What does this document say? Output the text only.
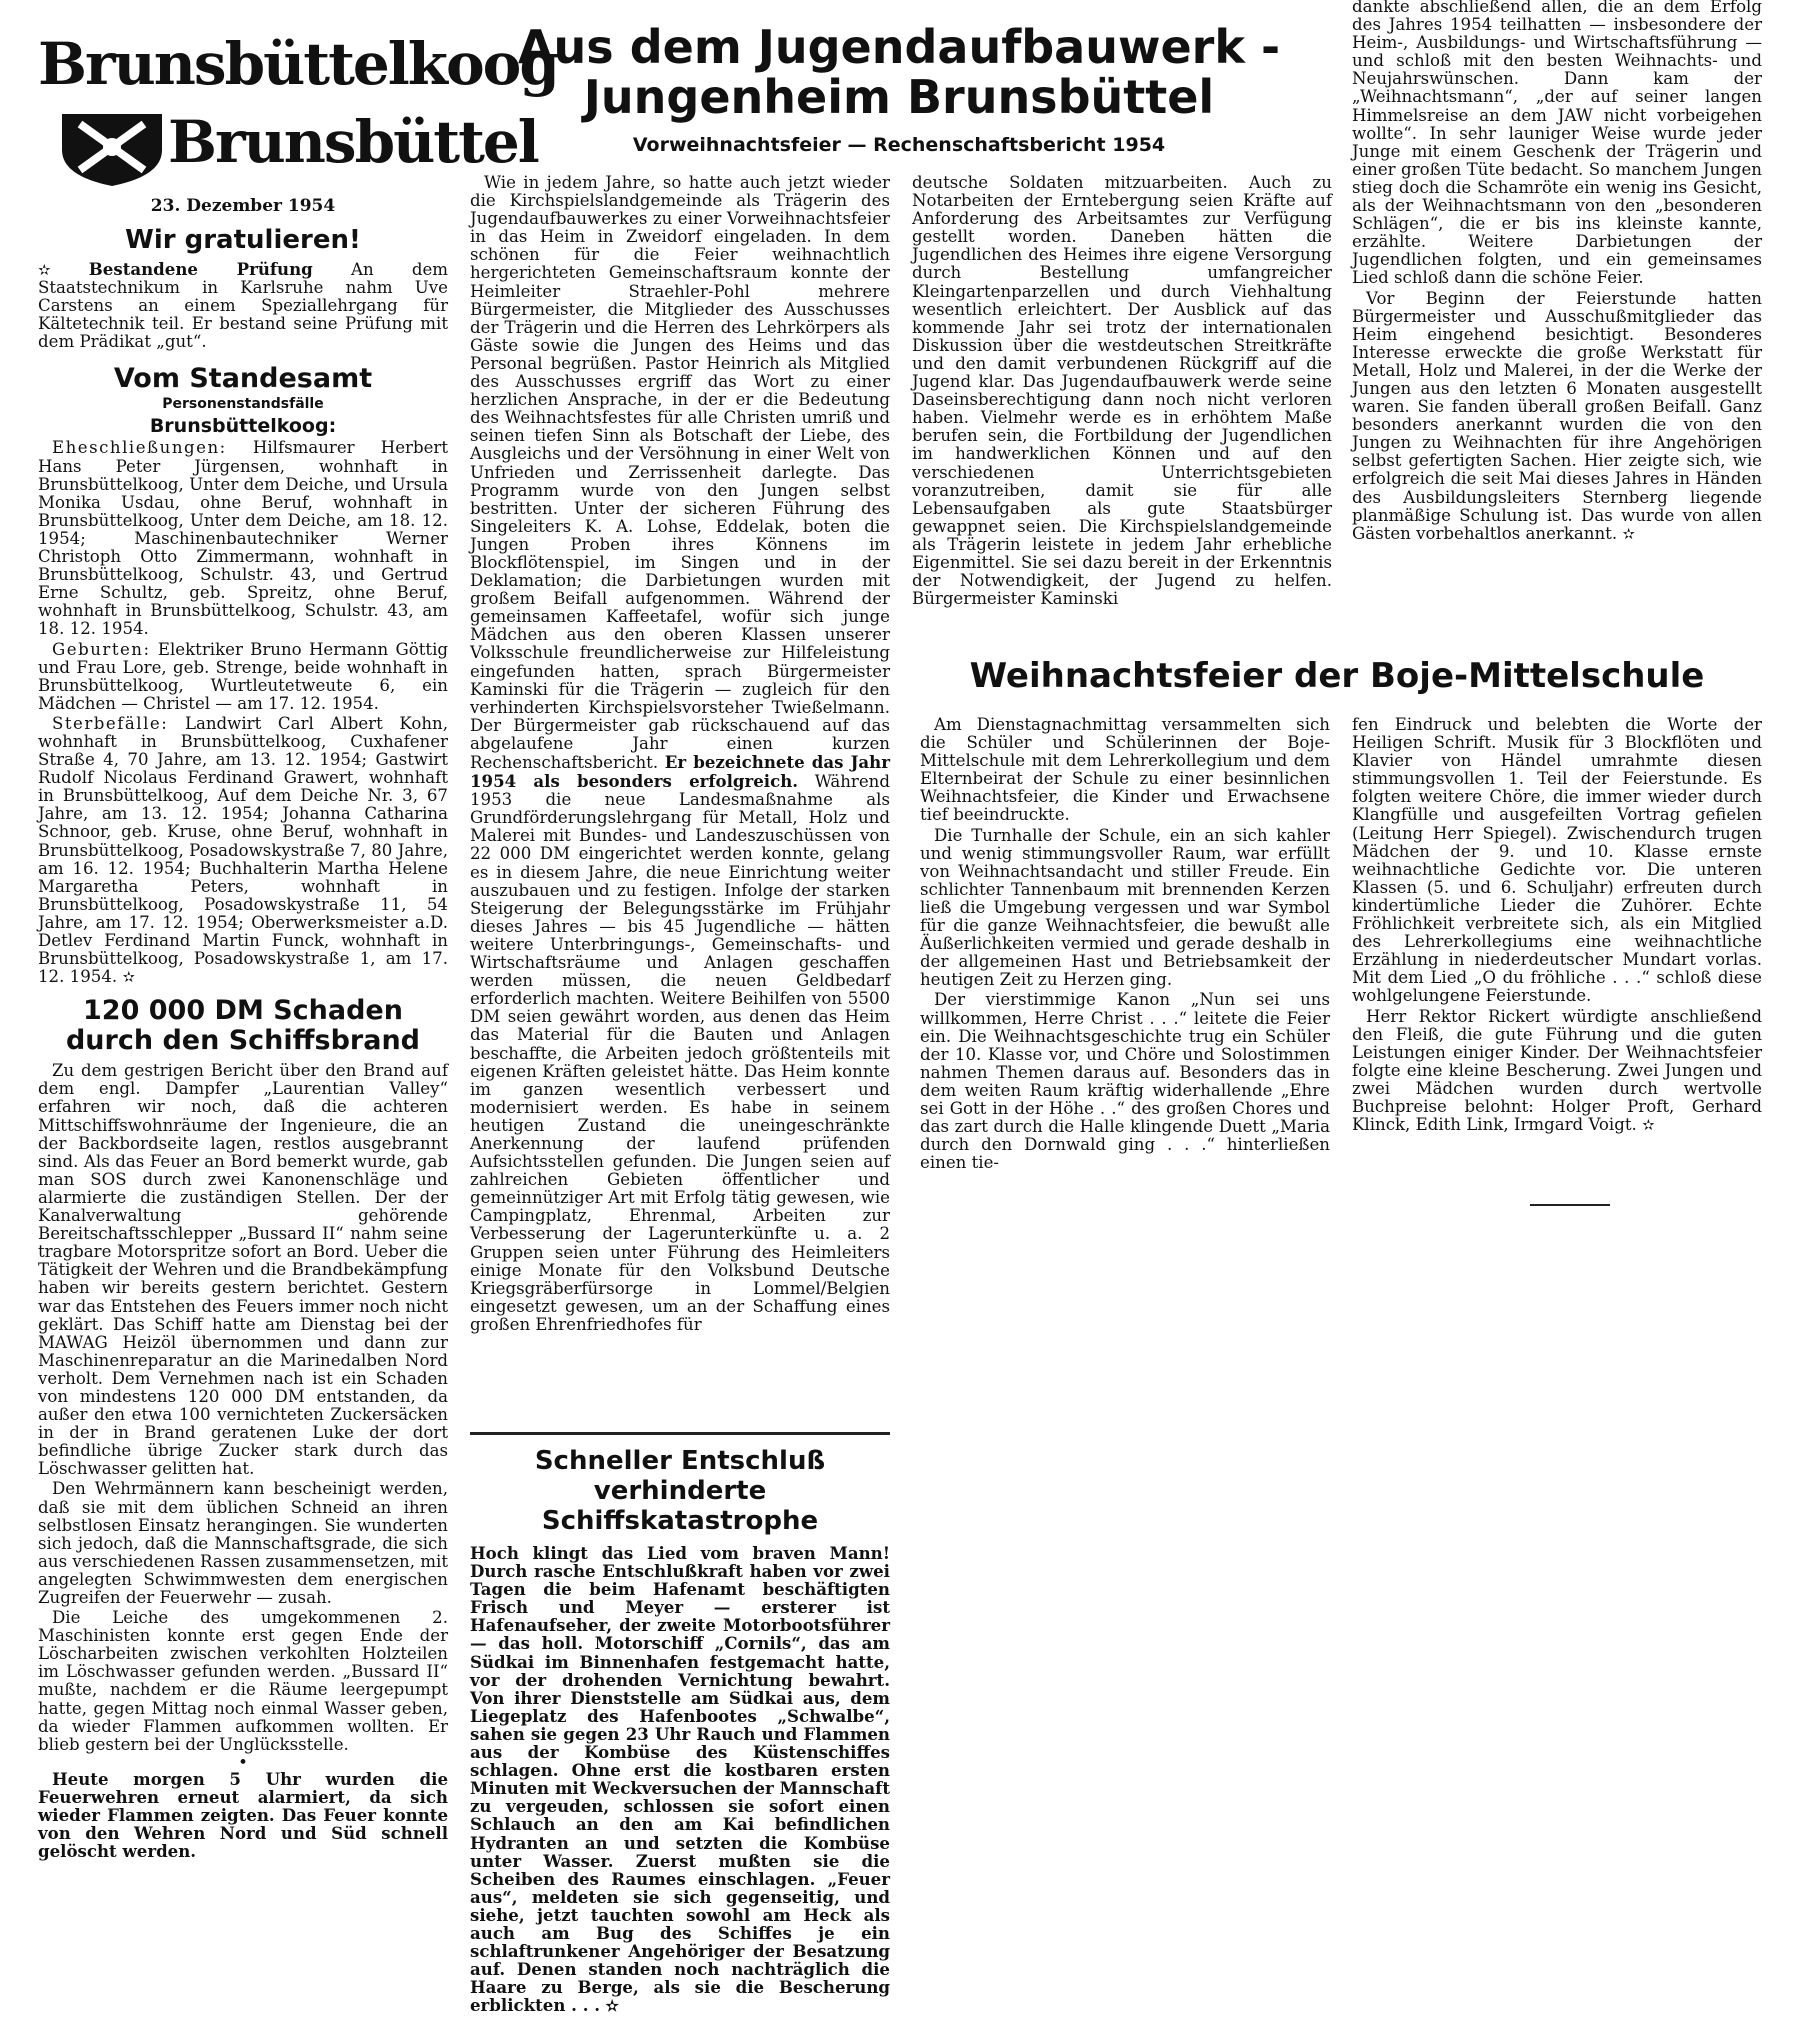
Brunsbüttelkoog
Brunsbüttel
23. Dezember 1954
Wir gratulieren!

✫ Bestandene Prüfung An dem Staatstechnikum in Karlsruhe nahm Uve Carstens an einem Speziallehrgang für Kältetechnik teil. Er bestand seine Prüfung mit dem Prädikat „gut“.

Vom Standesamt
Personenstandsfälle
Brunsbüttelkoog:

Eheschließungen: Hilfsmaurer Herbert Hans Peter Jürgensen, wohnhaft in Brunsbüttelkoog, Unter dem Deiche, und Ursula Monika Usdau, ohne Beruf, wohnhaft in Brunsbüttelkoog, Unter dem Deiche, am 18. 12. 1954; Maschinenbautechniker Werner Christoph Otto Zimmermann, wohnhaft in Brunsbüttelkoog, Schulstr. 43, und Gertrud Erne Schultz, geb. Spreitz, ohne Beruf, wohnhaft in Brunsbüttelkoog, Schulstr. 43, am 18. 12. 1954.

Geburten: Elektriker Bruno Hermann Göttig und Frau Lore, geb. Strenge, beide wohnhaft in Brunsbüttelkoog, Wurtleutetweute 6, ein Mädchen — Christel — am 17. 12. 1954.

Sterbefälle: Landwirt Carl Albert Kohn, wohnhaft in Brunsbüttelkoog, Cuxhafener Straße 4, 70 Jahre, am 13. 12. 1954; Gastwirt Rudolf Nicolaus Ferdinand Grawert, wohnhaft in Brunsbüttelkoog, Auf dem Deiche Nr. 3, 67 Jahre, am 13. 12. 1954; Johanna Catharina Schnoor, geb. Kruse, ohne Beruf, wohnhaft in Brunsbüttelkoog, Posadowskystraße 7, 80 Jahre, am 16. 12. 1954; Buchhalterin Martha Helene Margaretha Peters, wohnhaft in Brunsbüttelkoog, Posadowskystraße 11, 54 Jahre, am 17. 12. 1954; Oberwerksmeister a.D. Detlev Ferdinand Martin Funck, wohnhaft in Brunsbüttelkoog, Posadowskystraße 1, am 17. 12. 1954. ✫

120 000 DM Schaden durch den Schiffsbrand

Zu dem gestrigen Bericht über den Brand auf dem engl. Dampfer „Laurentian Valley“ erfahren wir noch, daß die achteren Mittschiffswohnräume der Ingenieure, die an der Backbordseite lagen, restlos ausgebrannt sind. Als das Feuer an Bord bemerkt wurde, gab man SOS durch zwei Kanonenschläge und alarmierte die zuständigen Stellen. Der der Kanalverwaltung gehörende Bereitschaftsschlepper „Bussard II“ nahm seine tragbare Motorspritze sofort an Bord. Ueber die Tätigkeit der Wehren und die Brandbekämpfung haben wir bereits gestern berichtet. Gestern war das Entstehen des Feuers immer noch nicht geklärt. Das Schiff hatte am Dienstag bei der MAWAG Heizöl übernommen und dann zur Maschinenreparatur an die Marinedalben Nord verholt. Dem Vernehmen nach ist ein Schaden von mindestens 120 000 DM entstanden, da außer den etwa 100 vernichteten Zuckersäcken in der in Brand geratenen Luke der dort befindliche übrige Zucker stark durch das Löschwasser gelitten hat.

Den Wehrmännern kann bescheinigt werden, daß sie mit dem üblichen Schneid an ihren selbstlosen Einsatz herangingen. Sie wunderten sich jedoch, daß die Mannschaftsgrade, die sich aus verschiedenen Rassen zusammensetzen, mit angelegten Schwimmwesten dem energischen Zugreifen der Feuerwehr — zusah.

Die Leiche des umgekommenen 2. Maschinisten konnte erst gegen Ende der Löscharbeiten zwischen verkohlten Holzteilen im Löschwasser gefunden werden. „Bussard II“ mußte, nachdem er die Räume leergepumpt hatte, gegen Mittag noch einmal Wasser geben, da wieder Flammen aufkommen wollten. Er blieb gestern bei der Unglücksstelle.

•

Heute morgen 5 Uhr wurden die Feuerwehren erneut alarmiert, da sich wieder Flammen zeigten. Das Feuer konnte von den Wehren Nord und Süd schnell gelöscht werden.

Aus dem Jugendaufbauwerk - Jungenheim Brunsbüttel
Vorweihnachtsfeier — Rechenschaftsbericht 1954

Wie in jedem Jahre, so hatte auch jetzt wieder die Kirchspielslandgemeinde als Trägerin des Jugendaufbauwerkes zu einer Vorweihnachtsfeier in das Heim in Zweidorf eingeladen. In dem schönen für die Feier weihnachtlich hergerichteten Gemeinschaftsraum konnte der Heimleiter Straehler-Pohl mehrere Bürgermeister, die Mitglieder des Ausschusses der Trägerin und die Herren des Lehrkörpers als Gäste sowie die Jungen des Heims und das Personal begrüßen. Pastor Heinrich als Mitglied des Ausschusses ergriff das Wort zu einer herzlichen Ansprache, in der er die Bedeutung des Weihnachtsfestes für alle Christen umriß und seinen tiefen Sinn als Botschaft der Liebe, des Ausgleichs und der Versöhnung in einer Welt von Unfrieden und Zerrissenheit darlegte. Das Programm wurde von den Jungen selbst bestritten. Unter der sicheren Führung des Singeleiters K. A. Lohse, Eddelak, boten die Jungen Proben ihres Könnens im Blockflötenspiel, im Singen und in der Deklamation; die Darbietungen wurden mit großem Beifall aufgenommen. Während der gemeinsamen Kaffeetafel, wofür sich junge Mädchen aus den oberen Klassen unserer Volksschule freundlicherweise zur Hilfeleistung eingefunden hatten, sprach Bürgermeister Kaminski für die Trägerin — zugleich für den verhinderten Kirchspielsvorsteher Twießelmann. Der Bürgermeister gab rückschauend auf das abgelaufene Jahr einen kurzen Rechenschaftsbericht. Er bezeichnete das Jahr 1954 als besonders erfolgreich. Während 1953 die neue Landesmaßnahme als Grundförderungslehrgang für Metall, Holz und Malerei mit Bundes- und Landeszuschüssen von 22 000 DM eingerichtet werden konnte, gelang es in diesem Jahre, die neue Einrichtung weiter auszubauen und zu festigen. Infolge der starken Steigerung der Belegungsstärke im Frühjahr dieses Jahres — bis 45 Jugendliche — hätten weitere Unterbringungs-, Gemeinschafts- und Wirtschaftsräume und Anlagen geschaffen werden müssen, die neuen Geldbedarf erforderlich machten. Weitere Beihilfen von 5500 DM seien gewährt worden, aus denen das Heim das Material für die Bauten und Anlagen beschaffte, die Arbeiten jedoch größtenteils mit eigenen Kräften geleistet hätte. Das Heim konnte im ganzen wesentlich verbessert und modernisiert werden. Es habe in seinem heutigen Zustand die uneingeschränkte Anerkennung der laufend prüfenden Aufsichtsstellen gefunden. Die Jungen seien auf zahlreichen Gebieten öffentlicher und gemeinnütziger Art mit Erfolg tätig gewesen, wie Campingplatz, Ehrenmal, Arbeiten zur Verbesserung der Lagerunterkünfte u. a. 2 Gruppen seien unter Führung des Heimleiters einige Monate für den Volksbund Deutsche Kriegsgräberfürsorge in Lommel/Belgien eingesetzt gewesen, um an der Schaffung eines großen Ehrenfriedhofes für

Schneller Entschluß verhinderte Schiffskatastrophe

Hoch klingt das Lied vom braven Mann! Durch rasche Entschlußkraft haben vor zwei Tagen die beim Hafenamt beschäftigten Frisch und Meyer — ersterer ist Hafenaufseher, der zweite Motorbootsführer — das holl. Motorschiff „Cornils“, das am Südkai im Binnenhafen festgemacht hatte, vor der drohenden Vernichtung bewahrt. Von ihrer Dienststelle am Südkai aus, dem Liegeplatz des Hafenbootes „Schwalbe“, sahen sie gegen 23 Uhr Rauch und Flammen aus der Kombüse des Küstenschiffes schlagen. Ohne erst die kostbaren ersten Minuten mit Weckversuchen der Mannschaft zu vergeuden, schlossen sie sofort einen Schlauch an den am Kai befindlichen Hydranten an und setzten die Kombüse unter Wasser. Zuerst mußten sie die Scheiben des Raumes einschlagen. „Feuer aus“, meldeten sie sich gegenseitig, und siehe, jetzt tauchten sowohl am Heck als auch am Bug des Schiffes je ein schlaftrunkener Angehöriger der Besatzung auf. Denen standen noch nachträglich die Haare zu Berge, als sie die Bescherung erblickten . . . ✫

deutsche Soldaten mitzuarbeiten. Auch zu Notarbeiten der Erntebergung seien Kräfte auf Anforderung des Arbeitsamtes zur Verfügung gestellt worden. Daneben hätten die Jugendlichen des Heimes ihre eigene Versorgung durch Bestellung umfangreicher Kleingartenparzellen und durch Viehhaltung wesentlich erleichtert. Der Ausblick auf das kommende Jahr sei trotz der internationalen Diskussion über die westdeutschen Streitkräfte und den damit verbundenen Rückgriff auf die Jugend klar. Das Jugendaufbauwerk werde seine Daseinsberechtigung dann noch nicht verloren haben. Vielmehr werde es in erhöhtem Maße berufen sein, die Fortbildung der Jugendlichen im handwerklichen Können und auf den verschiedenen Unterrichtsgebieten voranzutreiben, damit sie für alle Lebensaufgaben als gute Staatsbürger gewappnet seien. Die Kirchspielslandgemeinde als Trägerin leistete in jedem Jahr erhebliche Eigenmittel. Sie sei dazu bereit in der Erkenntnis der Notwendigkeit, der Jugend zu helfen. Bürgermeister Kaminski

dankte abschließend allen, die an dem Erfolg des Jahres 1954 teilhatten — insbesondere der Heim-, Ausbildungs- und Wirtschaftsführung — und schloß mit den besten Weihnachts- und Neujahrswünschen. Dann kam der „Weihnachtsmann“, „der auf seiner langen Himmelsreise an dem JAW nicht vorbeigehen wollte“. In sehr launiger Weise wurde jeder Junge mit einem Geschenk der Trägerin und einer großen Tüte bedacht. So manchem Jungen stieg doch die Schamröte ein wenig ins Gesicht, als der Weihnachtsmann von den „besonderen Schlägen“, die er bis ins kleinste kannte, erzählte. Weitere Darbietungen der Jugendlichen folgten, und ein gemeinsames Lied schloß dann die schöne Feier.

Vor Beginn der Feierstunde hatten Bürgermeister und Ausschußmitglieder das Heim eingehend besichtigt. Besonderes Interesse erweckte die große Werkstatt für Metall, Holz und Malerei, in der die Werke der Jungen aus den letzten 6 Monaten ausgestellt waren. Sie fanden überall großen Beifall. Ganz besonders anerkannt wurden die von den Jungen zu Weihnachten für ihre Angehörigen selbst gefertigten Sachen. Hier zeigte sich, wie erfolgreich die seit Mai dieses Jahres in Händen des Ausbildungsleiters Sternberg liegende planmäßige Schulung ist. Das wurde von allen Gästen vorbehaltlos anerkannt. ✫

Weihnachtsfeier der Boje-Mittelschule

Am Dienstagnachmittag versammelten sich die Schüler und Schülerinnen der Boje-Mittelschule mit dem Lehrerkollegium und dem Elternbeirat der Schule zu einer besinnlichen Weihnachtsfeier, die Kinder und Erwachsene tief beeindruckte.

Die Turnhalle der Schule, ein an sich kahler und wenig stimmungsvoller Raum, war erfüllt von Weihnachtsandacht und stiller Freude. Ein schlichter Tannenbaum mit brennenden Kerzen ließ die Umgebung vergessen und war Symbol für die ganze Weihnachtsfeier, die bewußt alle Äußerlichkeiten vermied und gerade deshalb in der allgemeinen Hast und Betriebsamkeit der heutigen Zeit zu Herzen ging.

Der vierstimmige Kanon „Nun sei uns willkommen, Herre Christ . . .“ leitete die Feier ein. Die Weihnachtsgeschichte trug ein Schüler der 10. Klasse vor, und Chöre und Solostimmen nahmen Themen daraus auf. Besonders das in dem weiten Raum kräftig widerhallende „Ehre sei Gott in der Höhe . .“ des großen Chores und das zart durch die Halle klingende Duett „Maria durch den Dornwald ging . . .“ hinterließen einen tie-

fen Eindruck und belebten die Worte der Heiligen Schrift. Musik für 3 Blockflöten und Klavier von Händel umrahmte diesen stimmungsvollen 1. Teil der Feierstunde. Es folgten weitere Chöre, die immer wieder durch Klangfülle und ausgefeilten Vortrag gefielen (Leitung Herr Spiegel). Zwischendurch trugen Mädchen der 9. und 10. Klasse ernste weihnachtliche Gedichte vor. Die unteren Klassen (5. und 6. Schuljahr) erfreuten durch kindertümliche Lieder die Zuhörer. Echte Fröhlichkeit verbreitete sich, als ein Mitglied des Lehrerkollegiums eine weihnachtliche Erzählung in niederdeutscher Mundart vorlas. Mit dem Lied „O du fröhliche . . .“ schloß diese wohlgelungene Feierstunde.

Herr Rektor Rickert würdigte anschließend den Fleiß, die gute Führung und die guten Leistungen einiger Kinder. Der Weihnachtsfeier folgte eine kleine Bescherung. Zwei Jungen und zwei Mädchen wurden durch wertvolle Buchpreise belohnt: Holger Proft, Gerhard Klinck, Edith Link, Irmgard Voigt. ✫
